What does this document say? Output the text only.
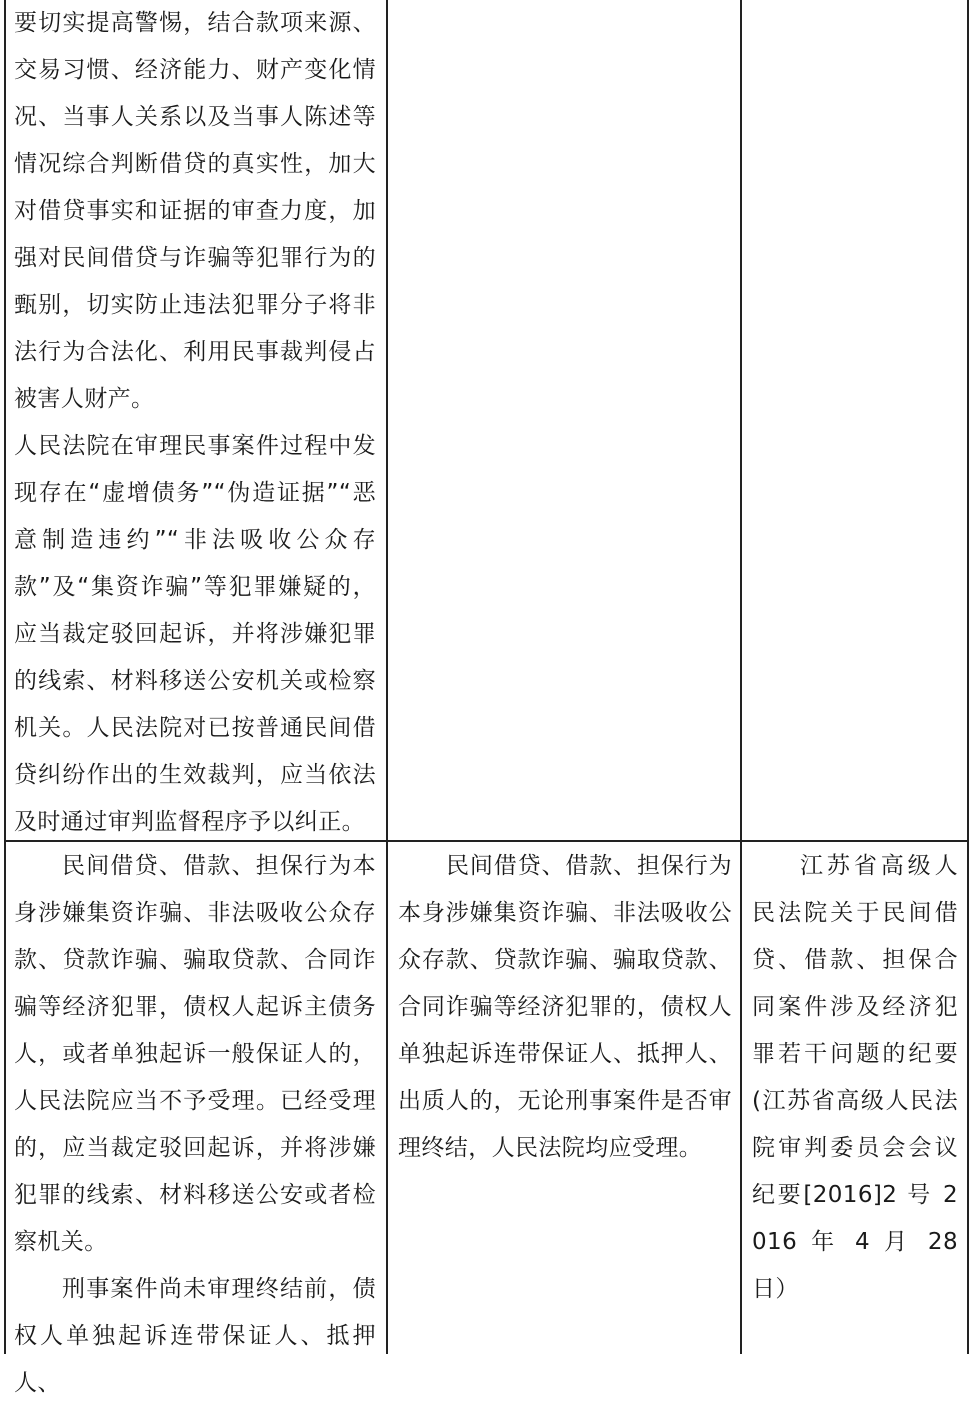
要切实提高警惕，结合款项来源、交易习惯、经济能力、财产变化情况、当事人关系以及当事人陈述等情况综合判断借贷的真实性，加大对借贷事实和证据的审查力度，加强对民间借贷与诈骗等犯罪行为的甄别，切实防止违法犯罪分子将非法行为合法化、利用民事裁判侵占被害人财产。

人民法院在审理民事案件过程中发现存在“虚增债务”“伪造证据”“恶意制造违约”“非法吸收公众存款”及“集资诈骗”等犯罪嫌疑的，应当裁定驳回起诉，并将涉嫌犯罪的线索、材料移送公安机关或检察机关。人民法院对已按普通民间借贷纠纷作出的生效裁判，应当依法及时通过审判监督程序予以纠正。

民间借贷、借款、担保行为本身涉嫌集资诈骗、非法吸收公众存款、贷款诈骗、骗取贷款、合同诈骗等经济犯罪，债权人起诉主债务人，或者单独起诉一般保证人的，人民法院应当不予受理。已经受理的，应当裁定驳回起诉，并将涉嫌犯罪的线索、材料移送公安或者检察机关。

刑事案件尚未审理终结前，债权人单独起诉连带保证人、抵押人、

民间借贷、借款、担保行为本身涉嫌集资诈骗、非法吸收公众存款、贷款诈骗、骗取贷款、合同诈骗等经济犯罪的，债权人单独起诉连带保证人、抵押人、出质人的，无论刑事案件是否审理终结，人民法院均应受理。

江苏省高级人民法院关于民间借贷、借款、担保合同案件涉及经济犯罪若干问题的纪要(江苏省高级人民法院审判委员会会议纪要[2016]2 号 2016 年 4 月 28 日）
